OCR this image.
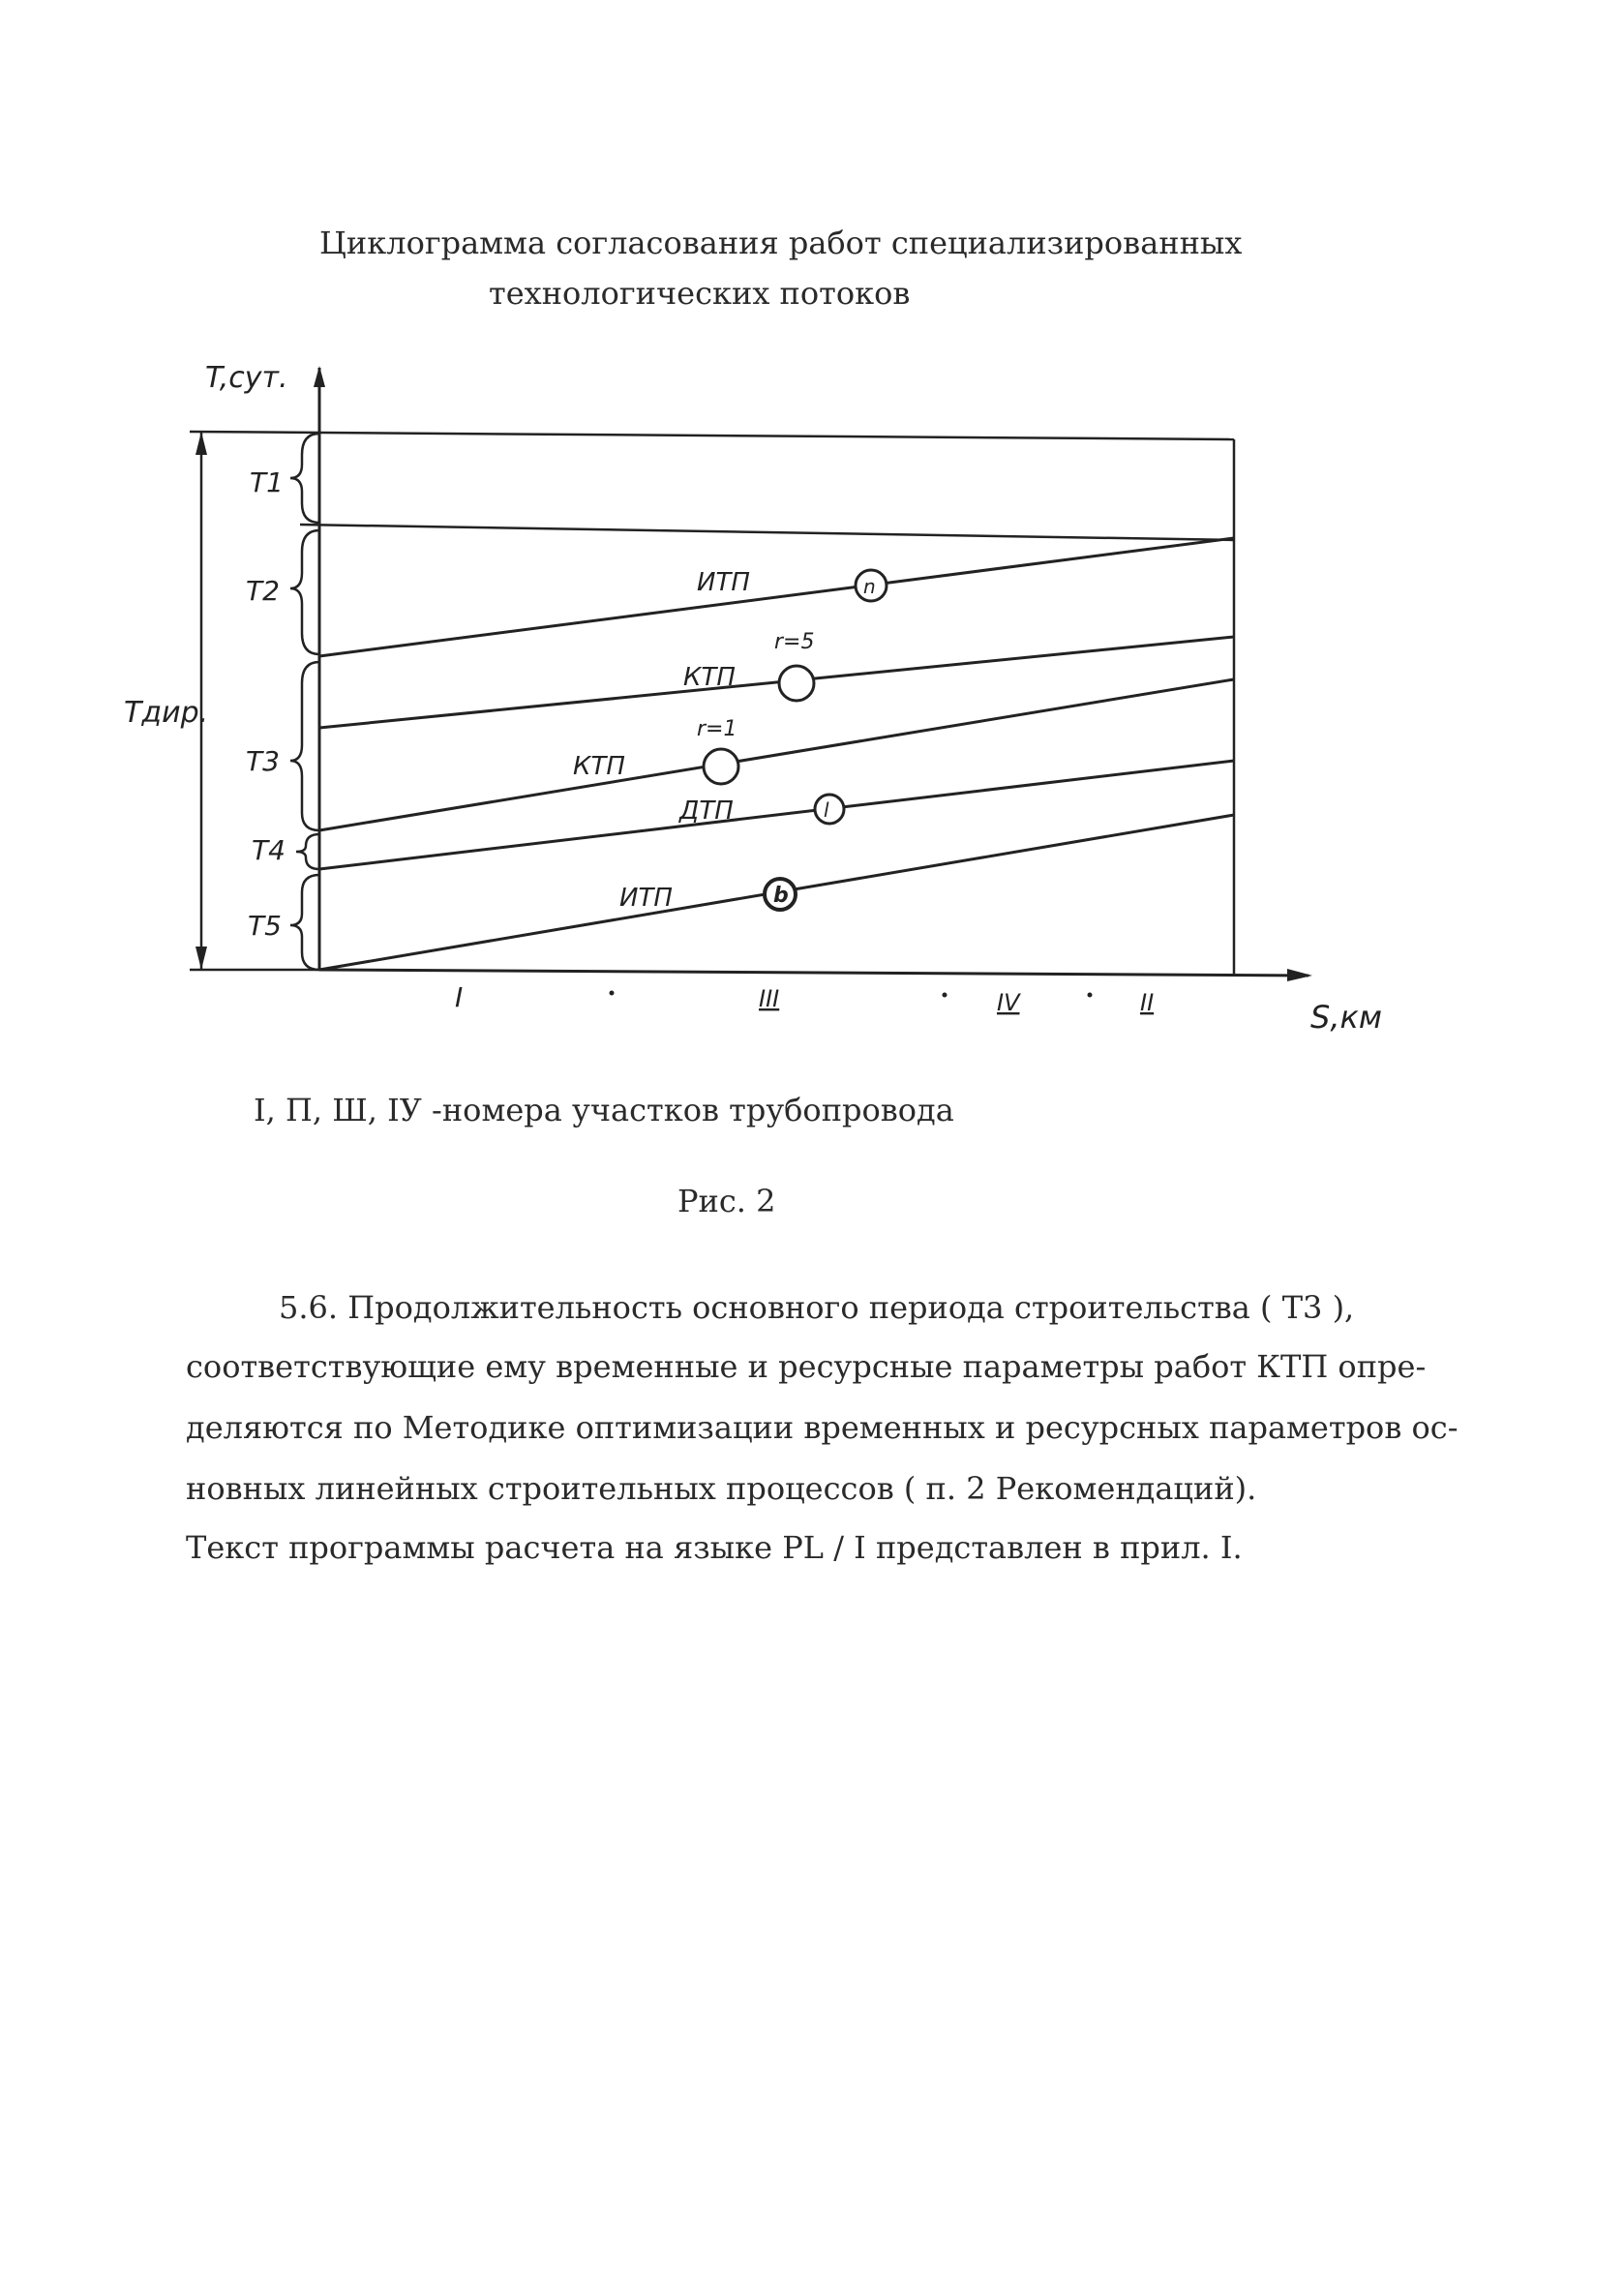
Циклограмма согласования работ специализированных
технологических потоков
T,сут.
S,км
n
l
b
ИТП
КТП
r=5
КТП
r=1
ДТП
ИТП
Tдир.
T1
T2
T3
T4
T5
I	III	IV	II
I, П, Ш, IУ -номера участков трубопровода
Рис. 2
5.6. Продолжительность основного периода строительства ( T3 ),
соответствующие ему временные и ресурсные параметры работ КТП опре-
деляются по Методике оптимизации временных и ресурсных параметров ос-
новных линейных строительных процессов ( п. 2 Рекомендаций).
Текст программы расчета на языке PL / I представлен в прил. I.
